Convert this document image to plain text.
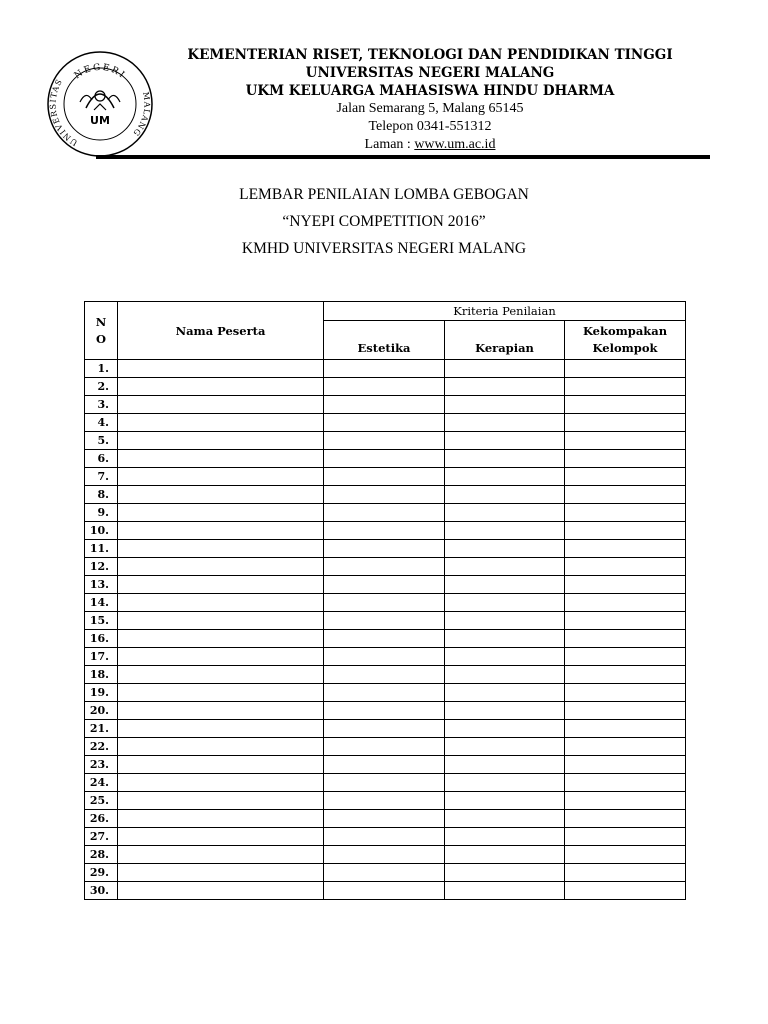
NEGERI
UNIVERSITAS
MALANG
UM
KEMENTERIAN RISET, TEKNOLOGI DAN PENDIDIKAN TINGGI
UNIVERSITAS NEGERI MALANG
UKM KELUARGA MAHASISWA HINDU DHARMA
Jalan Semarang 5, Malang 65145
Telepon 0341-551312
Laman : www.um.ac.id
LEMBAR PENILAIAN LOMBA GEBOGAN
“NYEPI COMPETITION 2016”
KMHD UNIVERSITAS NEGERI MALANG
N
O	Nama Peserta	Kriteria Penilaian		
		Estetika	Kerapian	Kekompakan Kelompok
1.				
2.				
3.				
4.				
5.				
6.				
7.				
8.				
9.				
10.				
11.				
12.				
13.				
14.				
15.				
16.				
17.				
18.				
19.				
20.				
21.				
22.				
23.				
24.				
25.				
26.				
27.				
28.				
29.				
30.				
